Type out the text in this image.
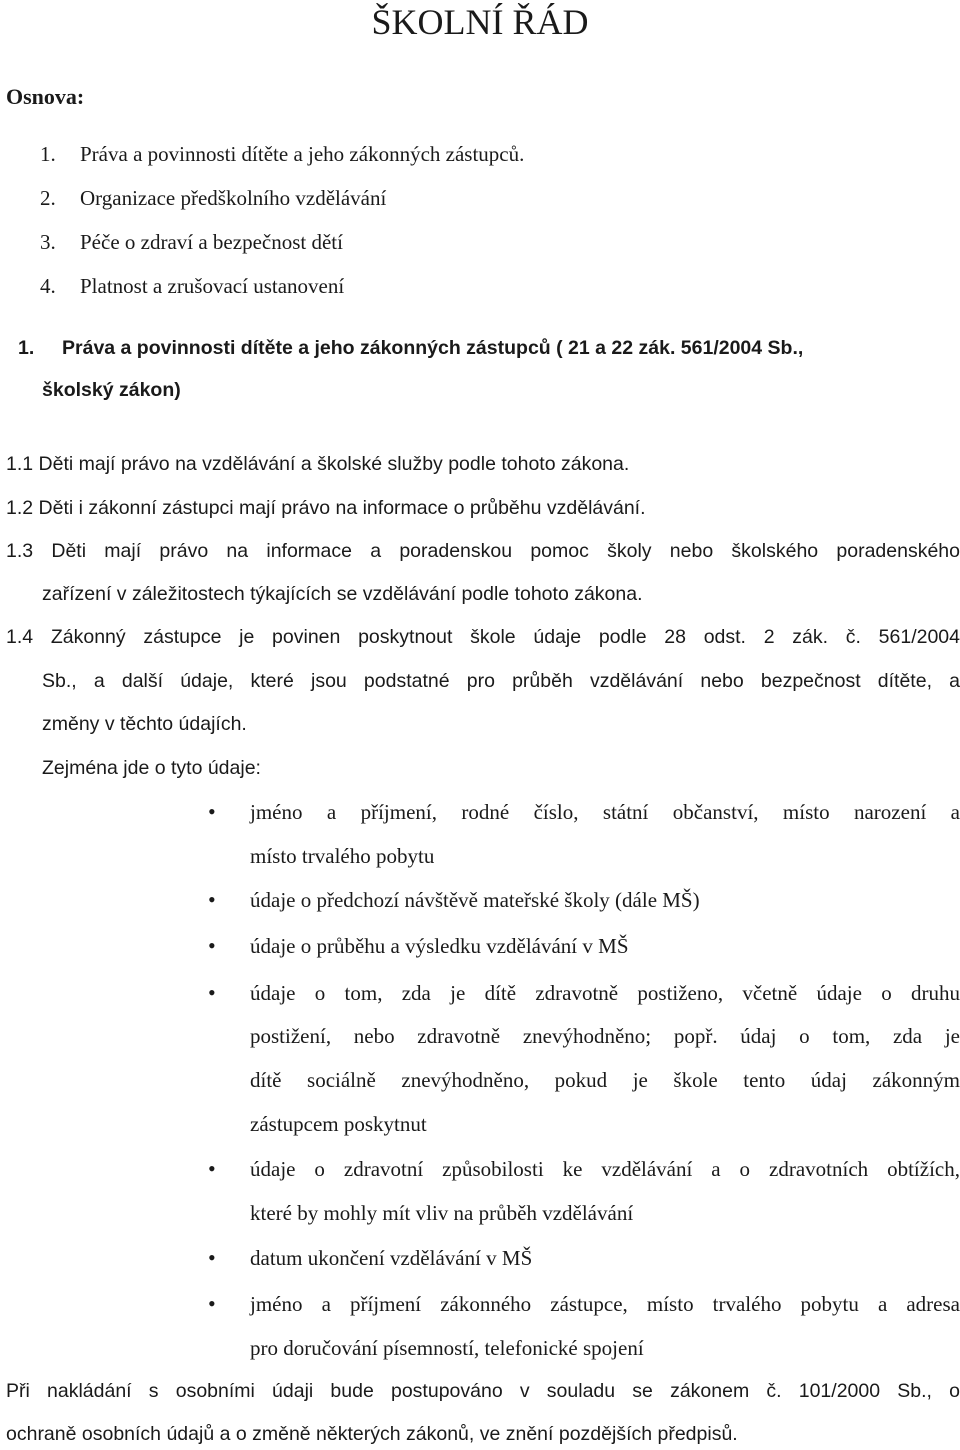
ŠKOLNÍ ŘÁD
Osnova:
1. Práva a povinnosti dítěte a jeho zákonných zástupců.
2. Organizace předškolního vzdělávání
3. Péče o zdraví a bezpečnost dětí
4. Platnost a zrušovací ustanovení
1. Práva a povinnosti dítěte a jeho zákonných zástupců ( 21 a 22 zák. 561/2004 Sb.,
školský zákon)
1.1 Děti mají právo na vzdělávání a školské služby podle tohoto zákona.
1.2 Děti i zákonní zástupci mají právo na informace o průběhu vzdělávání.
1.3 Děti mají právo na informace a poradenskou pomoc školy nebo školského poradenského
zařízení v záležitostech týkajících se vzdělávání podle tohoto zákona.
1.4 Zákonný zástupce je povinen poskytnout škole údaje podle 28 odst. 2 zák. č. 561/2004
Sb., a další údaje, které jsou podstatné pro průběh vzdělávání nebo bezpečnost dítěte, a
změny v těchto údajích.
Zejména jde o tyto údaje:
• jméno a příjmení, rodné číslo, státní občanství, místo narození a
místo trvalého pobytu
• údaje o předchozí návštěvě mateřské školy (dále MŠ)
• údaje o průběhu a výsledku vzdělávání v MŠ
• údaje o tom, zda je dítě zdravotně postiženo, včetně údaje o druhu
postižení, nebo zdravotně znevýhodněno; popř. údaj o tom, zda je
dítě sociálně znevýhodněno, pokud je škole tento údaj zákonným
zástupcem poskytnut
• údaje o zdravotní způsobilosti ke vzdělávání a o zdravotních obtížích,
které by mohly mít vliv na průběh vzdělávání
• datum ukončení vzdělávání v MŠ
• jméno a příjmení zákonného zástupce, místo trvalého pobytu a adresa
pro doručování písemností, telefonické spojení
Při nakládání s osobními údaji bude postupováno v souladu se zákonem č. 101/2000 Sb., o
ochraně osobních údajů a o změně některých zákonů, ve znění pozdějších předpisů.
